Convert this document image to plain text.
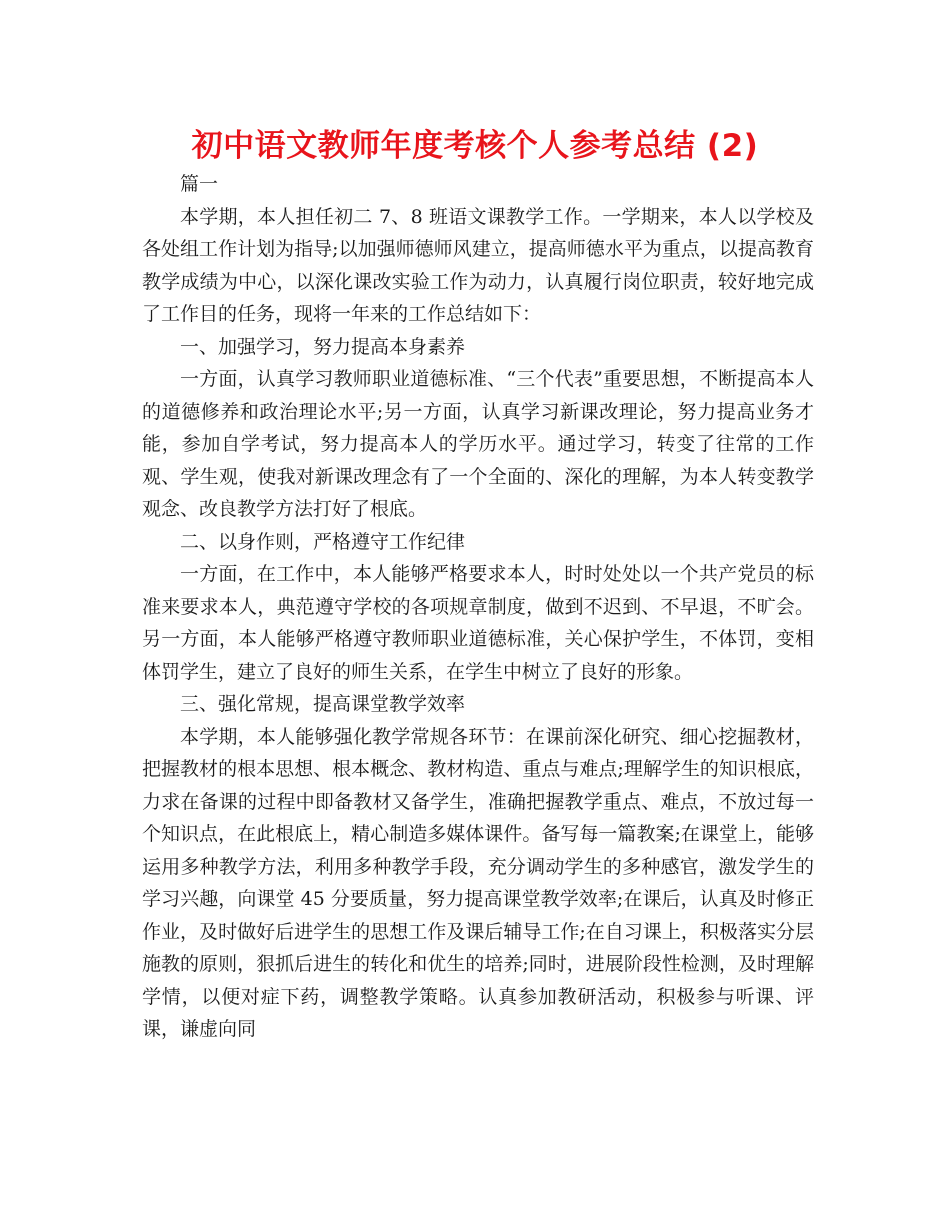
初中语文教师年度考核个人参考总结 (2)

篇一

本学期，本人担任初二 7、8 班语文课教学工作。一学期来，本人以学校及各处组工作计划为指导;以加强师德师风建立，提高师德水平为重点，以提高教育教学成绩为中心，以深化课改实验工作为动力，认真履行岗位职责，较好地完成了工作目的任务，现将一年来的工作总结如下：

一、加强学习，努力提高本身素养

一方面，认真学习教师职业道德标准、“三个代表”重要思想，不断提高本人的道德修养和政治理论水平;另一方面，认真学习新课改理论，努力提高业务才能，参加自学考试，努力提高本人的学历水平。通过学习，转变了往常的工作观、学生观，使我对新课改理念有了一个全面的、深化的理解，为本人转变教学观念、改良教学方法打好了根底。

二、以身作则，严格遵守工作纪律

一方面，在工作中，本人能够严格要求本人，时时处处以一个共产党员的标准来要求本人，典范遵守学校的各项规章制度，做到不迟到、不早退，不旷会。另一方面，本人能够严格遵守教师职业道德标准，关心保护学生，不体罚，变相体罚学生，建立了良好的师生关系，在学生中树立了良好的形象。

三、强化常规，提高课堂教学效率

本学期，本人能够强化教学常规各环节：在课前深化研究、细心挖掘教材，把握教材的根本思想、根本概念、教材构造、重点与难点;理解学生的知识根底，力求在备课的过程中即备教材又备学生，准确把握教学重点、难点，不放过每一个知识点，在此根底上，精心制造多媒体课件。备写每一篇教案;在课堂上，能够运用多种教学方法，利用多种教学手段，充分调动学生的多种感官，激发学生的学习兴趣，向课堂 45 分要质量，努力提高课堂教学效率;在课后，认真及时修正作业，及时做好后进学生的思想工作及课后辅导工作;在自习课上，积极落实分层施教的原则，狠抓后进生的转化和优生的培养;同时，进展阶段性检测，及时理解学情，以便对症下药，调整教学策略。认真参加教研活动，积极参与听课、评课，谦虚向同
